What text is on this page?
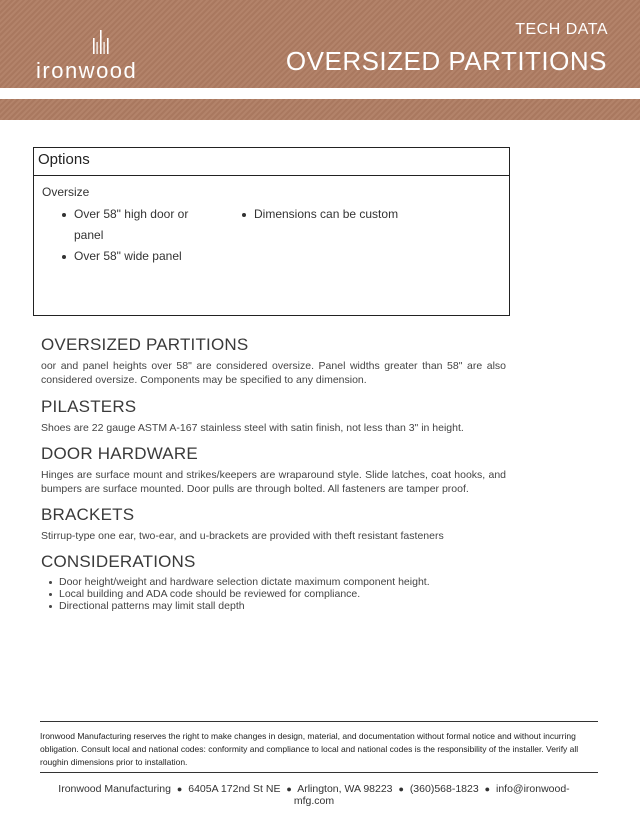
ironwood
TECH DATA
OVERSIZED PARTITIONS
Options
Oversize
Over 58" high door or panel
Over 58" wide panel
Dimensions can be custom
OVERSIZED PARTITIONS

oor and panel heights over 58" are considered oversize. Panel widths greater than 58" are also considered oversize. Components may be specified to any dimension.

PILASTERS

Shoes are 22 gauge ASTM A-167 stainless steel with satin finish, not less than 3" in height.

DOOR HARDWARE

Hinges are surface mount and strikes/keepers are wraparound style. Slide latches, coat hooks, and bumpers are surface mounted. Door pulls are through bolted. All fasteners are tamper proof.

BRACKETS

Stirrup-type one ear, two-ear, and u-brackets are provided with theft resistant fasteners

CONSIDERATIONS
Door height/weight and hardware selection dictate maximum component height.
Local building and ADA code should be reviewed for compliance.
Directional patterns may limit stall depth
Ironwood Manufacturing reserves the right to make changes in design, material, and documentation without formal notice and without incurring obligation. Consult local and national codes: conformity and compliance to local and national codes is the responsibility of the installer. Verify all roughin dimensions prior to installation.
Ironwood Manufacturing ● 6405A 172nd St NE ● Arlington, WA 98223 ● (360)568-1823 ● info@ironwood-mfg.com
